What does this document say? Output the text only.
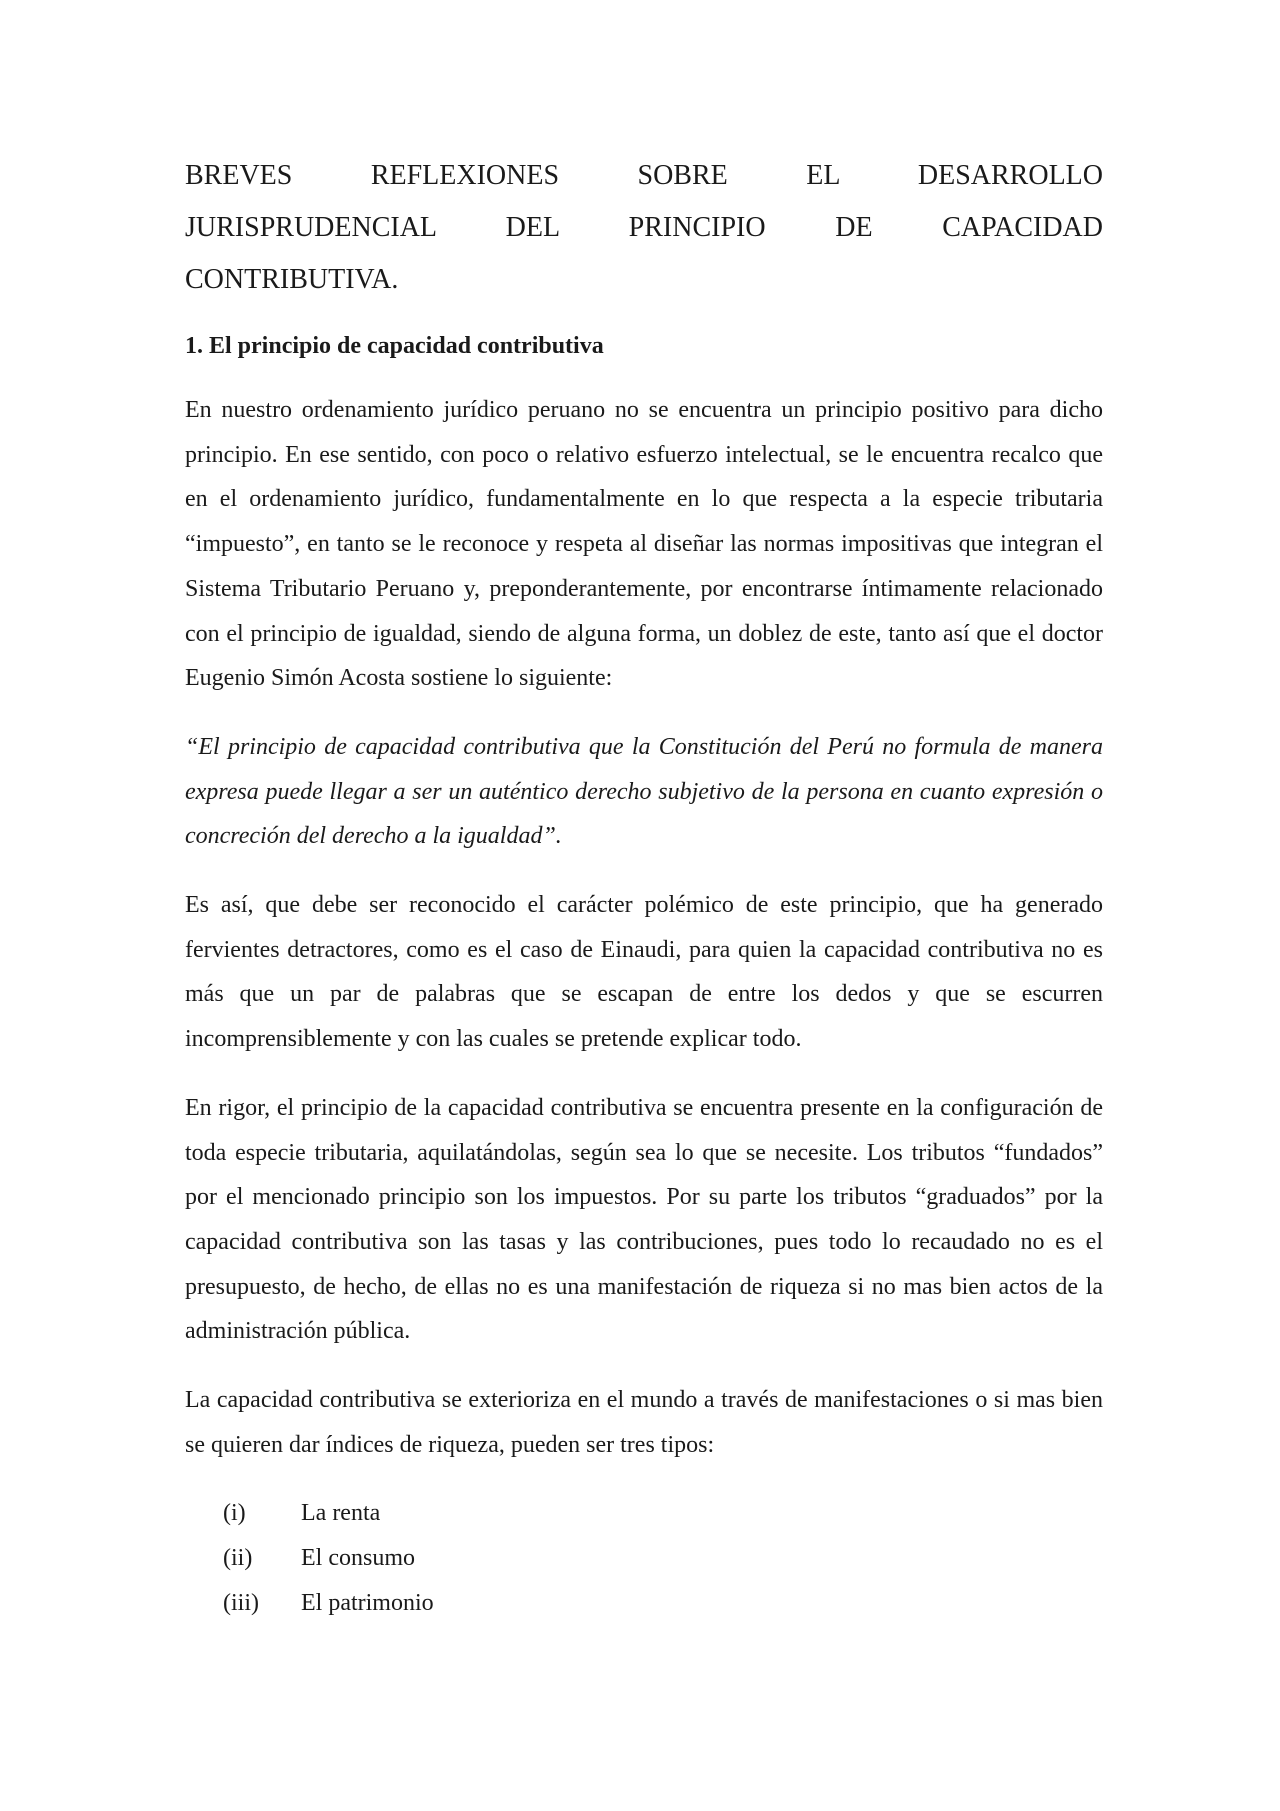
BREVES REFLEXIONES SOBRE EL DESARROLLO
JURISPRUDENCIAL DEL PRINCIPIO DE CAPACIDAD
CONTRIBUTIVA.
1. El principio de capacidad contributiva

En nuestro ordenamiento jurídico peruano no se encuentra un principio positivo para dicho principio. En ese sentido, con poco o relativo esfuerzo intelectual, se le encuentra recalco que en el ordenamiento jurídico, fundamentalmente en lo que respecta a la especie tributaria “impuesto”, en tanto se le reconoce y respeta al diseñar las normas impositivas que integran el Sistema Tributario Peruano y, preponderantemente, por encontrarse íntimamente relacionado con el principio de igualdad, siendo de alguna forma, un doblez de este, tanto así que el doctor Eugenio Simón Acosta sostiene lo siguiente:

“El principio de capacidad contributiva que la Constitución del Perú no formula de manera expresa puede llegar a ser un auténtico derecho subjetivo de la persona en cuanto expresión o concreción del derecho a la igualdad”.

Es así, que debe ser reconocido el carácter polémico de este principio, que ha generado fervientes detractores, como es el caso de Einaudi, para quien la capacidad contributiva no es más que un par de palabras que se escapan de entre los dedos y que se escurren incomprensiblemente y con las cuales se pretende explicar todo.

En rigor, el principio de la capacidad contributiva se encuentra presente en la configuración de toda especie tributaria, aquilatándolas, según sea lo que se necesite. Los tributos “fundados” por el mencionado principio son los impuestos. Por su parte los tributos “graduados” por la capacidad contributiva son las tasas y las contribuciones, pues todo lo recaudado no es el presupuesto, de hecho, de ellas no es una manifestación de riqueza si no mas bien actos de la administración pública.

La capacidad contributiva se exterioriza en el mundo a través de manifestaciones o si mas bien se quieren dar índices de riqueza, pueden ser tres tipos:

(i)	La renta
(ii)	El consumo
(iii)	El patrimonio
